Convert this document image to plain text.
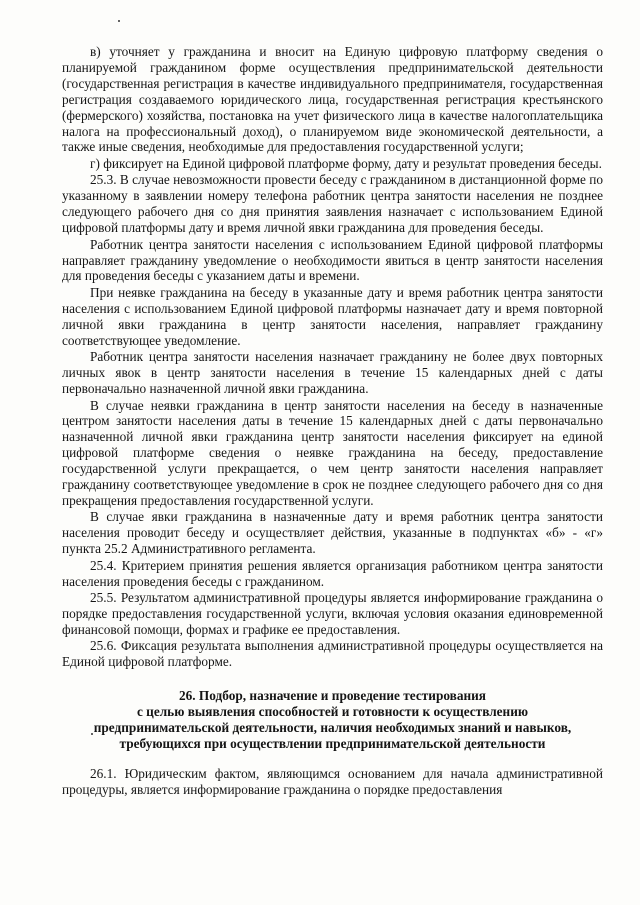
в) уточняет у гражданина и вносит на Единую цифровую платформу сведения о планируемой гражданином форме осуществления предпринимательской деятельности (государственная регистрация в качестве индивидуального предпринимателя, государственная регистрация создаваемого юридического лица, государственная регистрация крестьянского (фермерского) хозяйства, постановка на учет физического лица в качестве налогоплательщика налога на профессиональный доход), о планируемом виде экономической деятельности, а также иные сведения, необходимые для предоставления государственной услуги;

г) фиксирует на Единой цифровой платформе форму, дату и результат проведения беседы.

25.3. В случае невозможности провести беседу с гражданином в дистанционной форме по указанному в заявлении номеру телефона работник центра занятости населения не позднее следующего рабочего дня со дня принятия заявления назначает с использованием Единой цифровой платформы дату и время личной явки гражданина для проведения беседы.

Работник центра занятости населения с использованием Единой цифровой платформы направляет гражданину уведомление о необходимости явиться в центр занятости населения для проведения беседы с указанием даты и времени.

При неявке гражданина на беседу в указанные дату и время работник центра занятости населения с использованием Единой цифровой платформы назначает дату и время повторной личной явки гражданина в центр занятости населения, направляет гражданину соответствующее уведомление.

Работник центра занятости населения назначает гражданину не более двух повторных личных явок в центр занятости населения в течение 15 календарных дней с даты первоначально назначенной личной явки гражданина.

В случае неявки гражданина в центр занятости населения на беседу в назначенные центром занятости населения даты в течение 15 календарных дней с даты первоначально назначенной личной явки гражданина центр занятости населения фиксирует на единой цифровой платформе сведения о неявке гражданина на беседу, предоставление государственной услуги прекращается, о чем центр занятости населения направляет гражданину соответствующее уведомление в срок не позднее следующего рабочего дня со дня прекращения предоставления государственной услуги.

В случае явки гражданина в назначенные дату и время работник центра занятости населения проводит беседу и осуществляет действия, указанные в подпунктах «б» - «г» пункта 25.2 Административного регламента.

25.4. Критерием принятия решения является организация работником центра занятости населения проведения беседы с гражданином.

25.5. Результатом административной процедуры является информирование гражданина о порядке предоставления государственной услуги, включая условия оказания единовременной финансовой помощи, формах и графике ее предоставления.

25.6. Фиксация результата выполнения административной процедуры осуществляется на Единой цифровой платформе.

26. Подбор, назначение и проведение тестирования
с целью выявления способностей и готовности к осуществлению
предпринимательской деятельности, наличия необходимых знаний и навыков,
требующихся при осуществлении предпринимательской деятельности

26.1. Юридическим фактом, являющимся основанием для начала административной процедуры, является информирование гражданина о порядке предоставления
